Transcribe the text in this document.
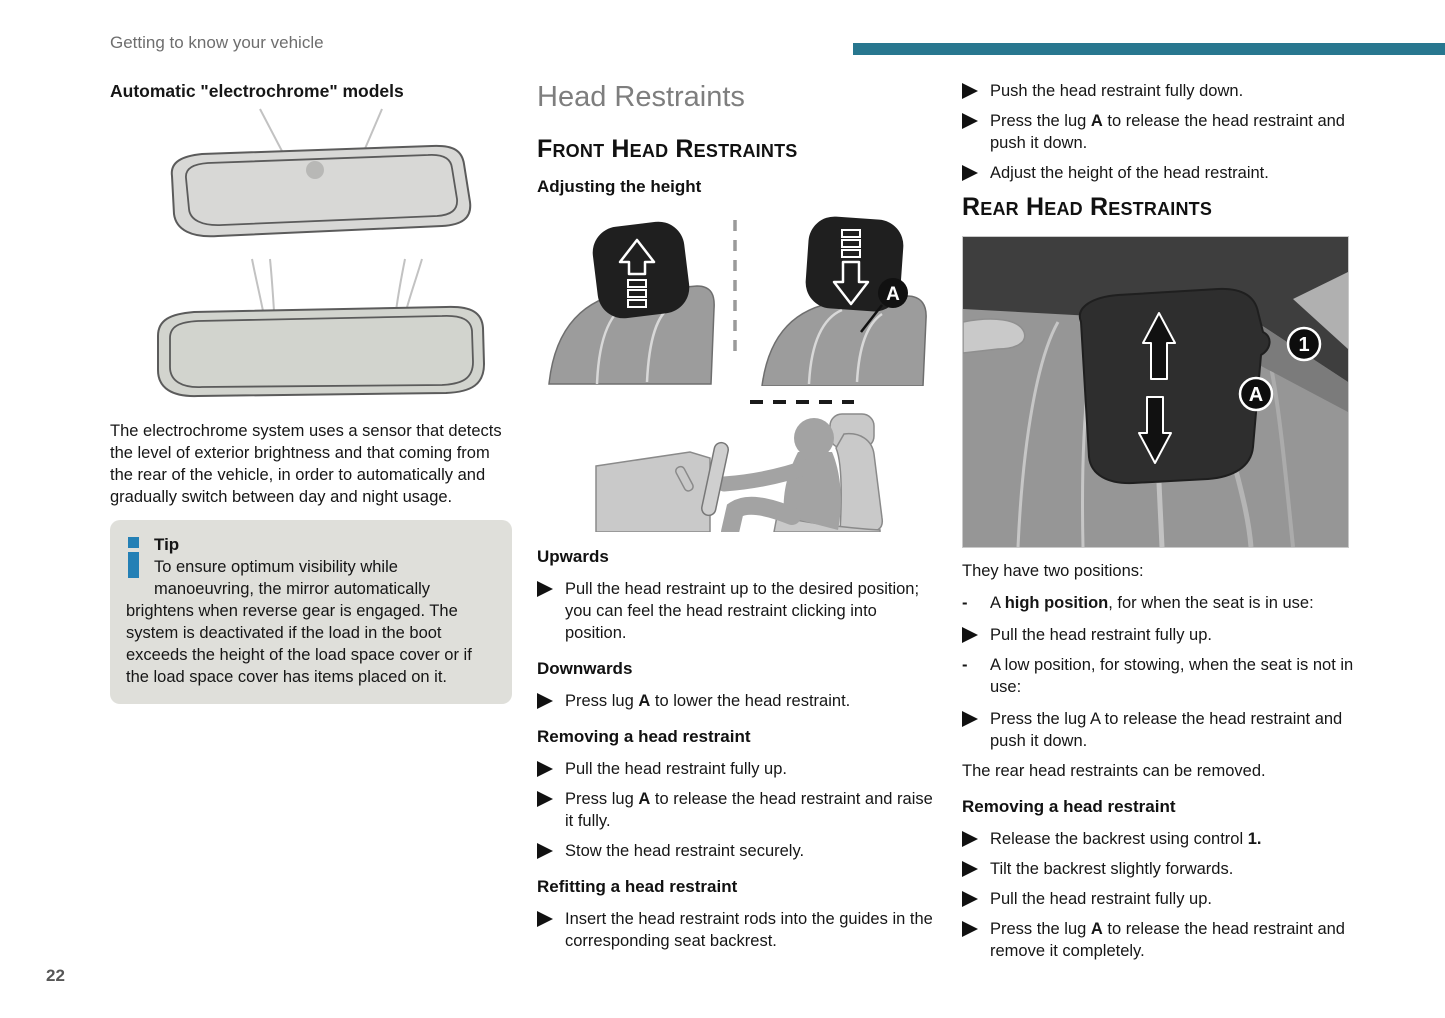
Getting to know your vehicle
Automatic "electrochrome" models

The electrochrome system uses a sensor that detects the level of exterior brightness and that coming from the rear of the vehicle, in order to automatically and gradually switch between day and night usage.

Tip
To ensure optimum visibility while manoeuvring, the mirror automatically brightens when reverse gear is engaged. The system is deactivated if the load in the boot exceeds the height of the load space cover or if the load space cover has items placed on it.
Head Restraints
Front Head Restraints
Adjusting the height
A
Upwards
Pull the head restraint up to the desired position; you can feel the head restraint clicking into position.
Downwards
Press lug A to lower the head restraint.
Removing a head restraint
Pull the head restraint fully up.
Press lug A to release the head restraint and raise it fully.
Stow the head restraint securely.
Refitting a head restraint
Insert the head restraint rods into the guides in the corresponding seat backrest.
Push the head restraint fully down.
Press the lug A to release the head restraint and push it down.
Adjust the height of the head restraint.
Rear Head Restraints
1
A

They have two positions:

-	A high position, for when the seat is in use:
Pull the head restraint fully up.
-	A low position, for stowing, when the seat is not in use:
Press the lug A to release the head restraint and push it down.

The rear head restraints can be removed.

Removing a head restraint
Release the backrest using control 1.
Tilt the backrest slightly forwards.
Pull the head restraint fully up.
Press the lug A to release the head restraint and remove it completely.
22
